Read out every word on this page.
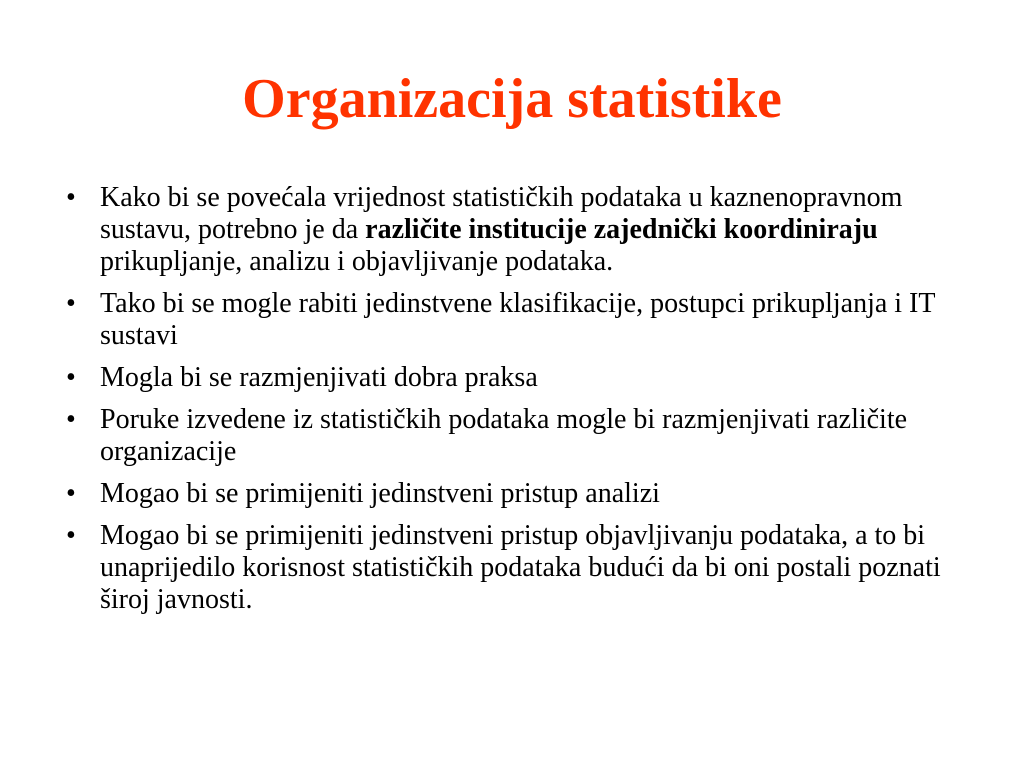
Organizacija statistike
• Kako bi se povećala vrijednost statističkih podataka u kaznenopravnom sustavu, potrebno je da različite institucije zajednički koordiniraju prikupljanje, analizu i objavljivanje podataka.
• Tako bi se mogle rabiti jedinstvene klasifikacije, postupci prikupljanja i IT sustavi
• Mogla bi se razmjenjivati dobra praksa
• Poruke izvedene iz statističkih podataka mogle bi razmjenjivati različite organizacije
• Mogao bi se primijeniti jedinstveni pristup analizi
• Mogao bi se primijeniti jedinstveni pristup objavljivanju podataka, a to bi unaprijedilo korisnost statističkih podataka budući da bi oni postali poznati široj javnosti.
